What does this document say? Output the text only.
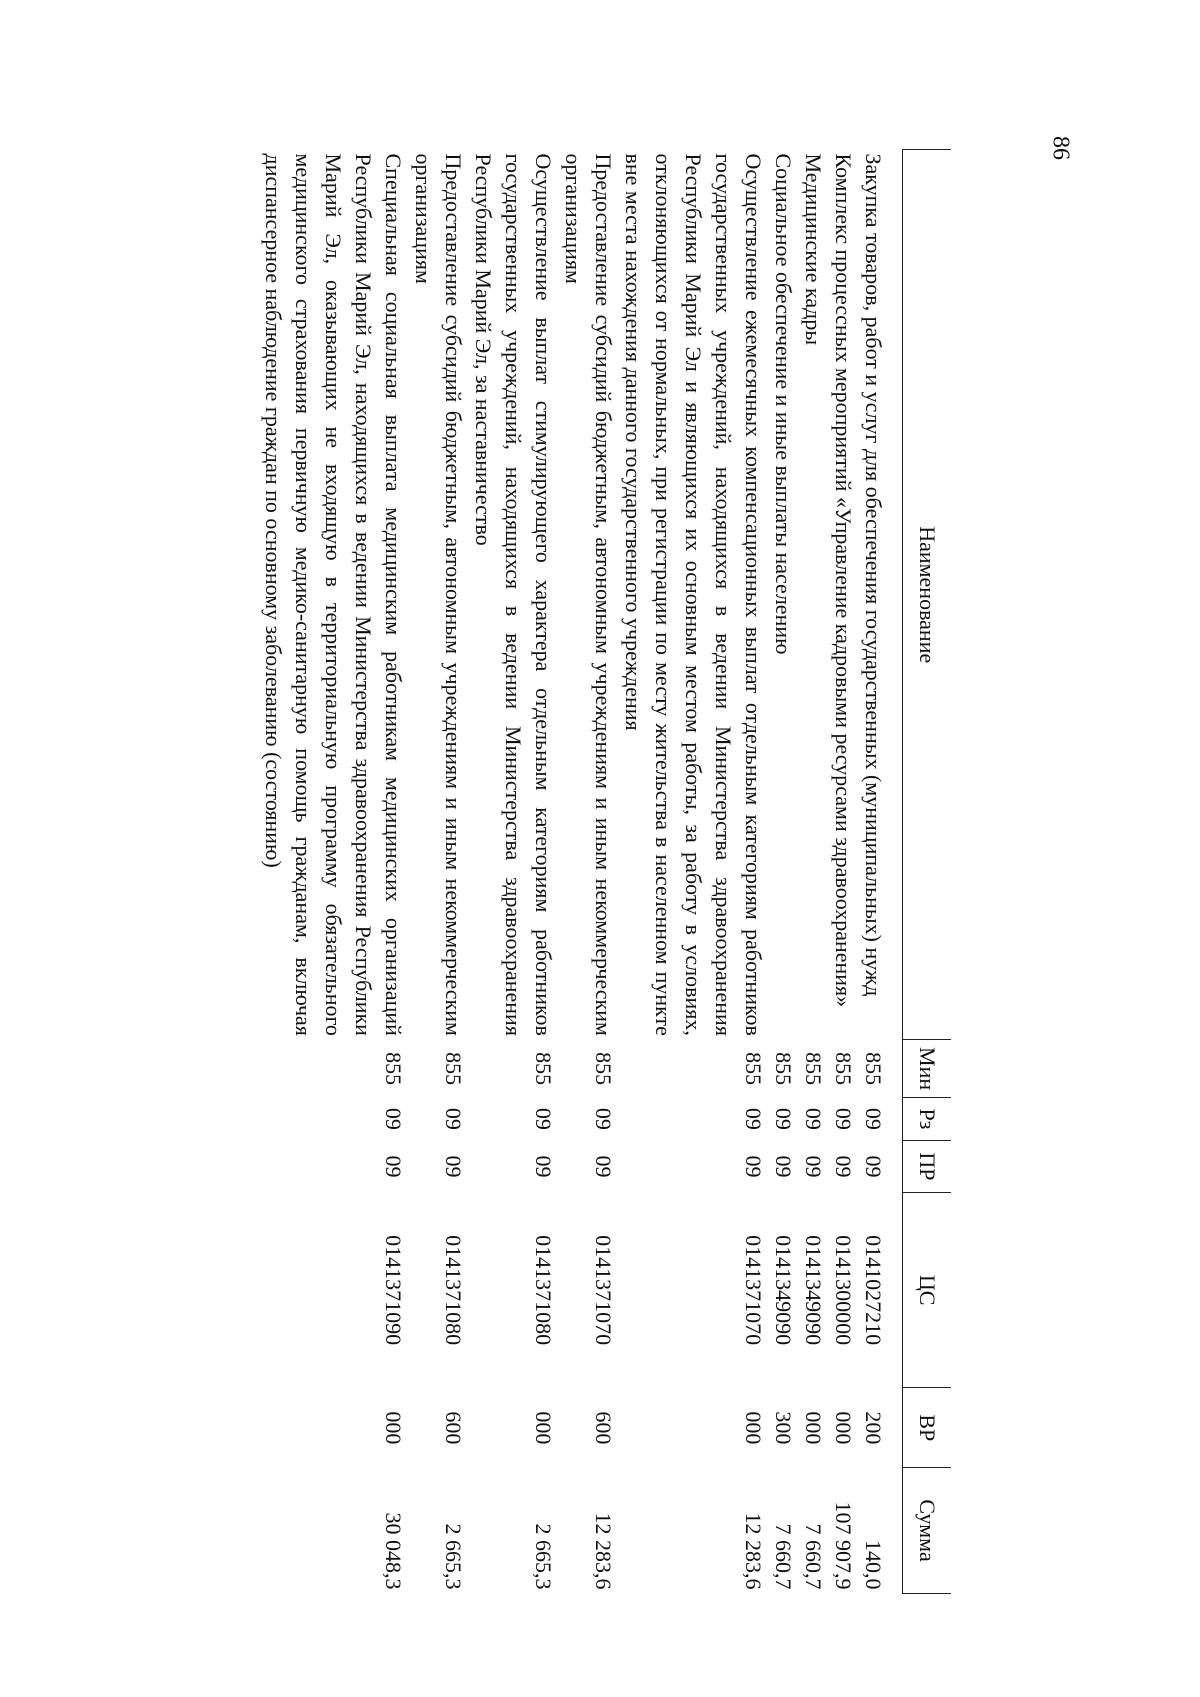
86
Наименование	Мин	Рз	ПР	ЦС	ВР	Сумма
Закупка товаров, работ и услуг для обеспечения государственных (муниципальных) нужд	855	09	09	0141027210	200	140,0
Комплекс процессных мероприятий «Управление кадровыми ресурсами здравоохранения»	855	09	09	0141300000	000	107 907,9
Медицинские кадры	855	09	09	0141349090	000	7 660,7
Социальное обеспечение и иные выплаты населению	855	09	09	0141349090	300	7 660,7
Осуществление ежемесячных компенсационных выплат отдельным категориям работников государственных учреждений, находящихся в ведении Министерства здравоохранения Республики Марий Эл и являющихся их основным местом работы, за работу в условиях, отклоняющихся от нормальных, при регистрации по месту жительства в населенном пункте вне места нахождения данного государственного учреждения	855	09	09	0141371070	000	12 283,6
Предоставление субсидий бюджетным, автономным учреждениям и иным некоммерческим организациям	855	09	09	0141371070	600	12 283,6
Осуществление выплат стимулирующего характера отдельным категориям работников государственных учреждений, находящихся в ведении Министерства здравоохранения Республики Марий Эл, за наставничество	855	09	09	0141371080	000	2 665,3
Предоставление субсидий бюджетным, автономным учреждениям и иным некоммерческим организациям	855	09	09	0141371080	600	2 665,3
Специальная социальная выплата медицинским работникам медицинских организаций Республики Марий Эл, находящихся в ведении Министерства здравоохранения Республики Марий Эл, оказывающих не входящую в территориальную программу обязательного медицинского страхования первичную медико-санитарную помощь гражданам, включая диспансерное наблюдение граждан по основному заболеванию (состоянию)	855	09	09	0141371090	000	30 048,3
